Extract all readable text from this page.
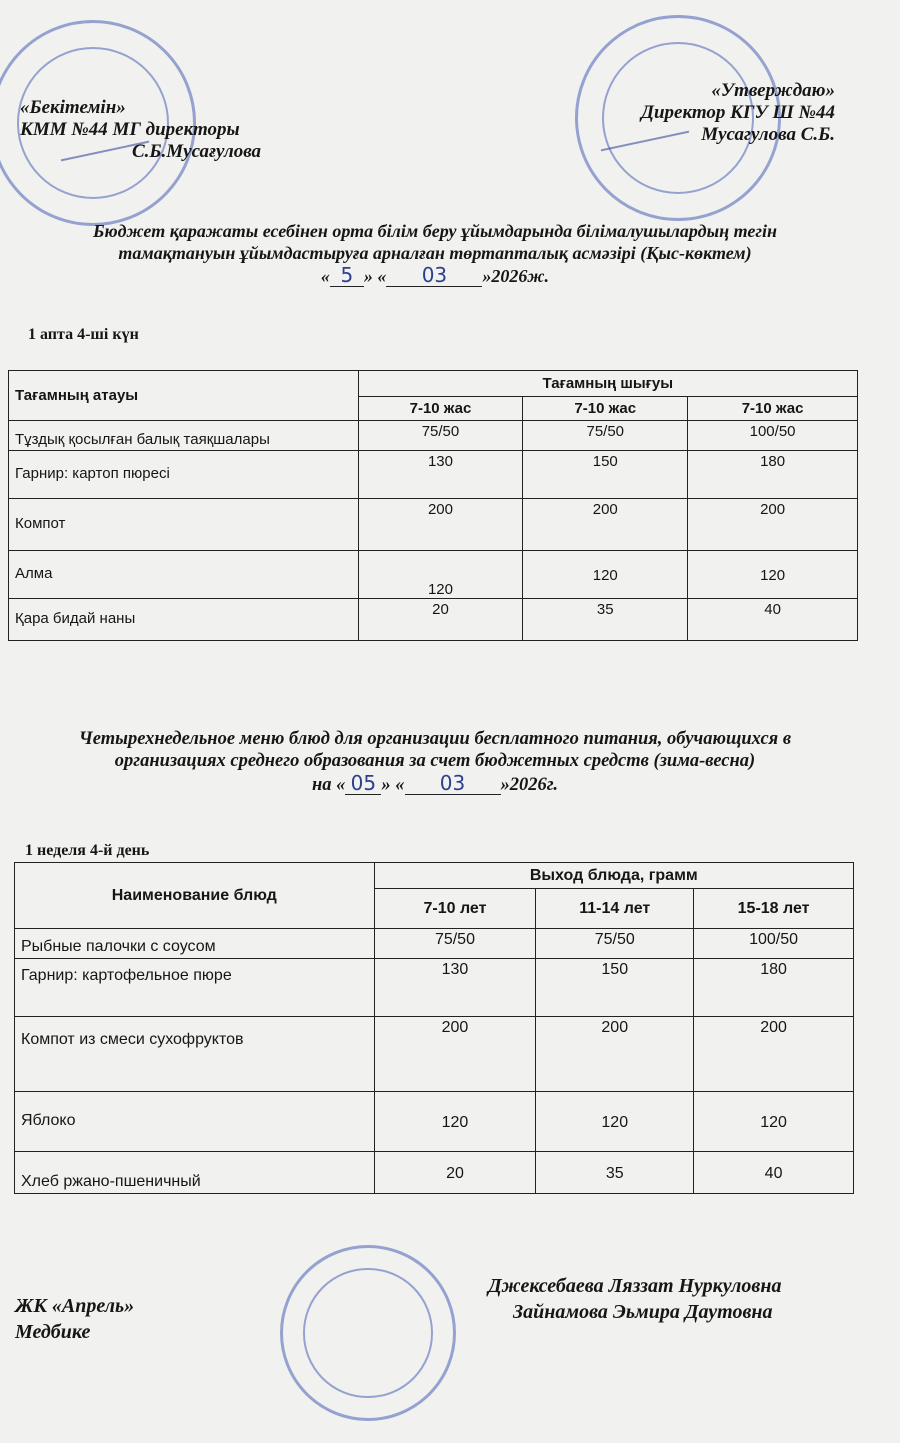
«Бекітемін»
КММ №44 МГ директоры
С.Б.Мусағулова
«Утверждаю»
Директор КГУ Ш №44
Мусагулова С.Б.
Бюджет қаражаты есебінен орта білім беру ұйымдарында білімалушылардың тегін
тамақтануын ұйымдастыруға арналған төртапталық асмәзірі (Қыс-көктем)
« 5 » « 03 »2026ж.
1 апта 4-ші күн
Тағамның атауы	Тағамның шығуы		
	7-10 жас	7-10 жас	7-10 жас
Тұздық қосылған балық таяқшалары	75/50	75/50	100/50
Гарнир: картоп пюресі	130	150	180
Компот	200	200	200
Алма	120	120	120
Қара бидай наны	20	35	40
Четырехнедельное меню блюд для организации бесплатного питания, обучающихся в
организациях среднего образования за счет бюджетных средств (зима-весна)
на « 05 » « 03 »2026г.
1 неделя 4-й день
Наименование блюд	Выход блюда, грамм		
	7-10 лет	11-14 лет	15-18 лет
Рыбные палочки с соусом	75/50	75/50	100/50
Гарнир: картофельное пюре	130	150	180
Компот из смеси сухофруктов	200	200	200
Яблоко	120	120	120
Хлеб ржано-пшеничный	20	35	40
ЖК «Апрель»
Медбике
Джексебаева Ляззат Нуркуловна
Зайнамова Эьмира Даутовна
